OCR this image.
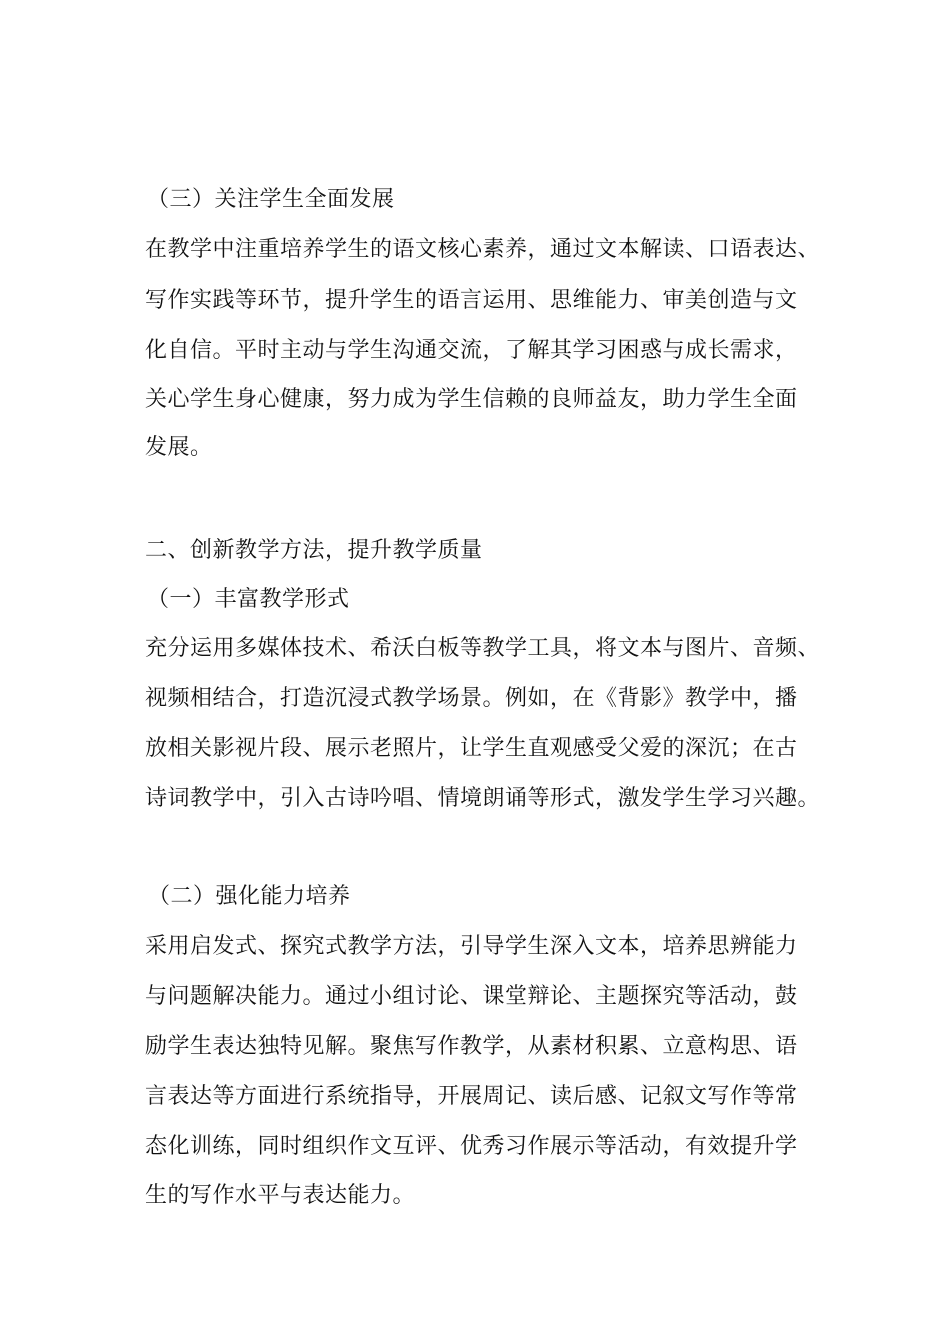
（三）关注学生全面发展
在教学中注重培养学生的语文核心素养，通过文本解读、口语表达、
写作实践等环节，提升学生的语言运用、思维能力、审美创造与文
化自信。平时主动与学生沟通交流，了解其学习困惑与成长需求，
关心学生身心健康，努力成为学生信赖的良师益友，助力学生全面
发展。
二、创新教学方法，提升教学质量
（一）丰富教学形式
充分运用多媒体技术、希沃白板等教学工具，将文本与图片、音频、
视频相结合，打造沉浸式教学场景。例如，在《背影》教学中，播
放相关影视片段、展示老照片，让学生直观感受父爱的深沉；在古
诗词教学中，引入古诗吟唱、情境朗诵等形式，激发学生学习兴趣。
（二）强化能力培养
采用启发式、探究式教学方法，引导学生深入文本，培养思辨能力
与问题解决能力。通过小组讨论、课堂辩论、主题探究等活动，鼓
励学生表达独特见解。聚焦写作教学，从素材积累、立意构思、语
言表达等方面进行系统指导，开展周记、读后感、记叙文写作等常
态化训练，同时组织作文互评、优秀习作展示等活动，有效提升学
生的写作水平与表达能力。
